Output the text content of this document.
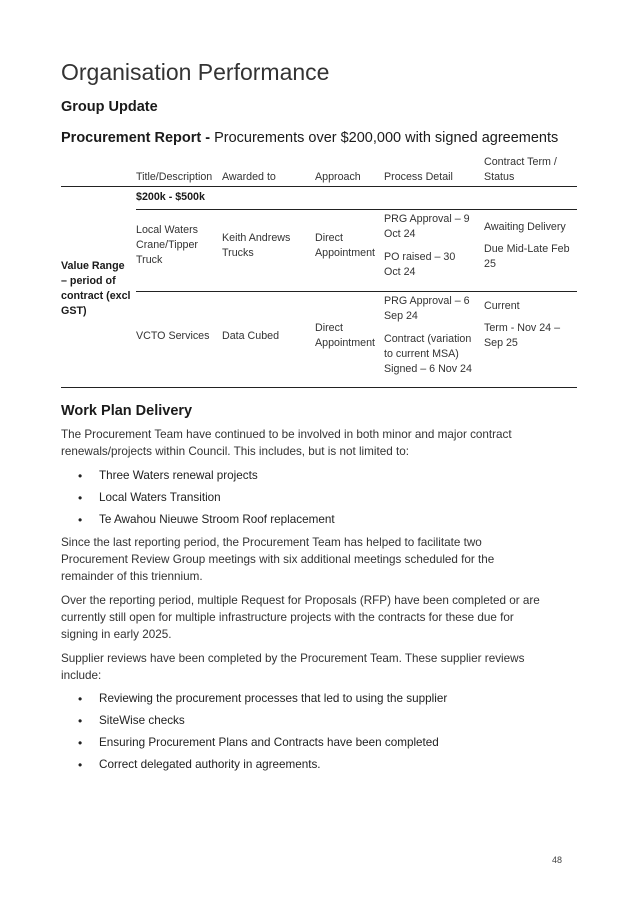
Organisation Performance
Group Update

Procurement Report - Procurements over $200,000 with signed agreements

Title/Description Awarded to	Approach Process Detail
Contract Term / Status
$200k - $500k
Value Range – period of contract (excl GST)
Local Waters Crane/Tipper Truck
Keith Andrews Trucks
Direct Appointment
PRG Approval – 9 Oct 24
PO raised – 30 Oct 24
Awaiting Delivery
Due Mid-Late Feb 25
VCTO Services	Data Cubed
Direct Appointment
PRG Approval – 6 Sep 24
Contract (variation to current MSA) Signed – 6 Nov 24
Current
Term - Nov 24 – Sep 25
Work Plan Delivery

The Procurement Team have continued to be involved in both minor and major contract renewals/projects within Council. This includes, but is not limited to:

• Three Waters renewal projects
• Local Waters Transition
• Te Awahou Nieuwe Stroom Roof replacement

Since the last reporting period, the Procurement Team has helped to facilitate two Procurement Review Group meetings with six additional meetings scheduled for the remainder of this triennium.

Over the reporting period, multiple Request for Proposals (RFP) have been completed or are currently still open for multiple infrastructure projects with the contracts for these due for signing in early 2025.

Supplier reviews have been completed by the Procurement Team. These supplier reviews include:

• Reviewing the procurement processes that led to using the supplier
• SiteWise checks
• Ensuring Procurement Plans and Contracts have been completed
• Correct delegated authority in agreements.
48
